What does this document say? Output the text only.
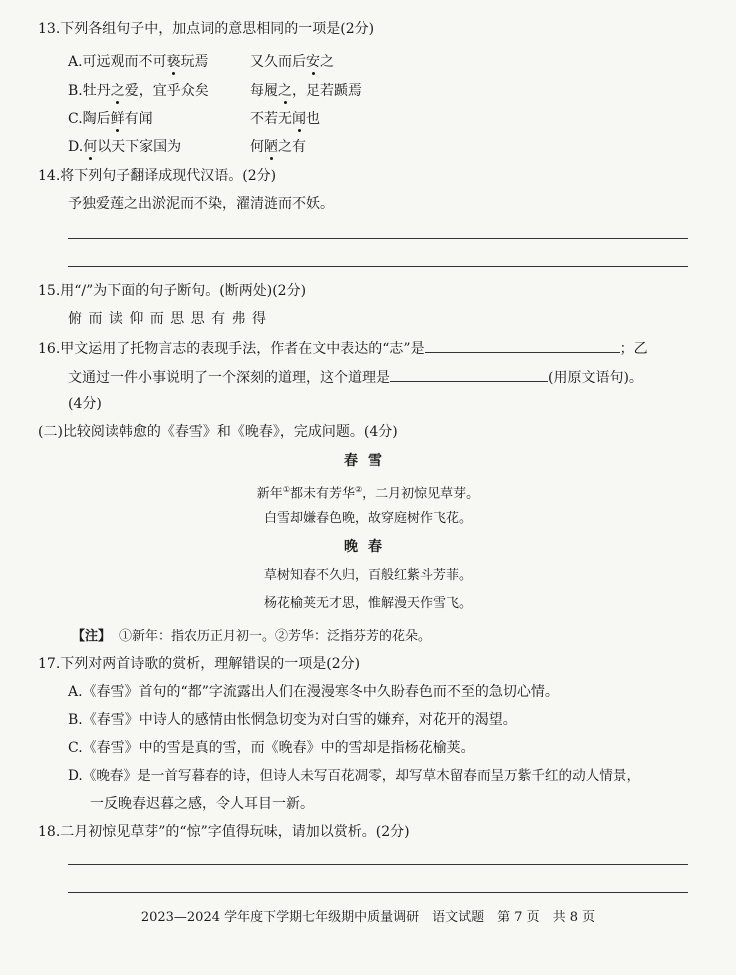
13.下列各组句子中，加点词的意思相同的一项是(2分)
A.可远观而不可亵玩焉	又久而后安之
B.牡丹之爱，宜乎众矣	每履之，足若踬焉
C.陶后鲜有闻	不若无闻也
D.何以天下家国为	何陋之有
14.将下列句子翻译成现代汉语。(2分)
予独爱莲之出淤泥而不染，濯清涟而不妖。
15.用“/”为下面的句子断句。(断两处)(2分)
俯 而 读 仰 而 思 思 有 弗 得
16.甲文运用了托物言志的表现手法，作者在文中表达的“志”是	；乙
文通过一件小事说明了一个深刻的道理，这个道理是	(用原文语句)。
(4分)
(二)比较阅读韩愈的《春雪》和《晚春》，完成问题。(4分)
春雪
新年①都未有芳华②，二月初惊见草芽。
白雪却嫌春色晚，故穿庭树作飞花。
晚春
草树知春不久归，百般红紫斗芳菲。
杨花榆荚无才思，惟解漫天作雪飞。
【注】 ①新年：指农历正月初一。②芳华：泛指芬芳的花朵。
17.下列对两首诗歌的赏析，理解错误的一项是(2分)
A.《春雪》首句的“都”字流露出人们在漫漫寒冬中久盼春色而不至的急切心情。
B.《春雪》中诗人的感情由怅惘急切变为对白雪的嫌弃，对花开的渴望。
C.《春雪》中的雪是真的雪，而《晚春》中的雪却是指杨花榆荚。
D.《晚春》是一首写暮春的诗，但诗人未写百花凋零，却写草木留春而呈万紫千红的动人情景，
一反晚春迟暮之感，令人耳目一新。
18.二月初惊见草芽”的“惊”字值得玩味，请加以赏析。(2分)
2023—2024 学年度下学期七年级期中质量调研　语文试题　第 7 页　共 8 页
